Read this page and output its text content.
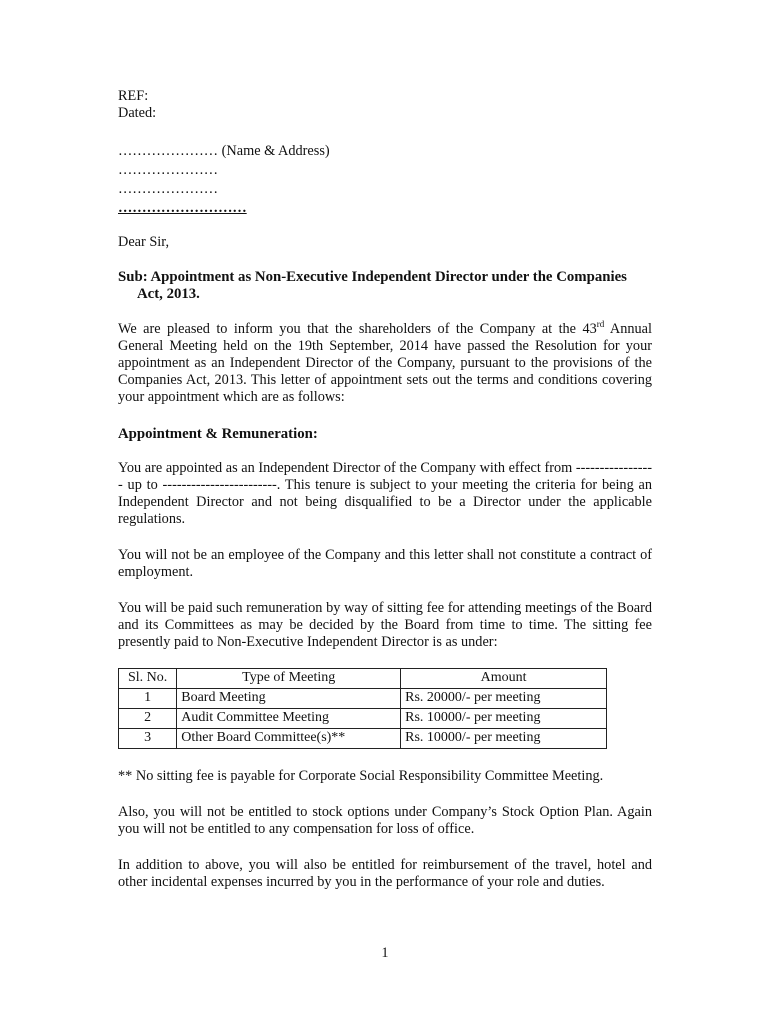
REF:
Dated:
………………… (Name & Address)
…………………
…………………
………………………
Dear Sir,
Sub: Appointment as Non-Executive Independent Director under the Companies
Act, 2013.
We are pleased to inform you that the shareholders of the Company at the 43rd Annual General Meeting held on the 19th September, 2014 have passed the Resolution for your appointment as an Independent Director of the Company, pursuant to the provisions of the Companies Act, 2013. This letter of appointment sets out the terms and conditions covering your appointment which are as follows:
Appointment & Remuneration:
You are appointed as an Independent Director of the Company with effect from ----------------- up to ------------------------. This tenure is subject to your meeting the criteria for being an Independent Director and not being disqualified to be a Director under the applicable regulations.
You will not be an employee of the Company and this letter shall not constitute a contract of employment.
You will be paid such remuneration by way of sitting fee for attending meetings of the Board and its Committees as may be decided by the Board from time to time. The sitting fee presently paid to Non-Executive Independent Director is as under:
Sl. No.	Type of Meeting	Amount
1	Board Meeting	Rs. 20000/- per meeting
2	Audit Committee Meeting	Rs. 10000/- per meeting
3	Other Board Committee(s)**	Rs. 10000/- per meeting
** No sitting fee is payable for Corporate Social Responsibility Committee Meeting.
Also, you will not be entitled to stock options under Company’s Stock Option Plan. Again you will not be entitled to any compensation for loss of office.
In addition to above, you will also be entitled for reimbursement of the travel, hotel and other incidental expenses incurred by you in the performance of your role and duties.
1
